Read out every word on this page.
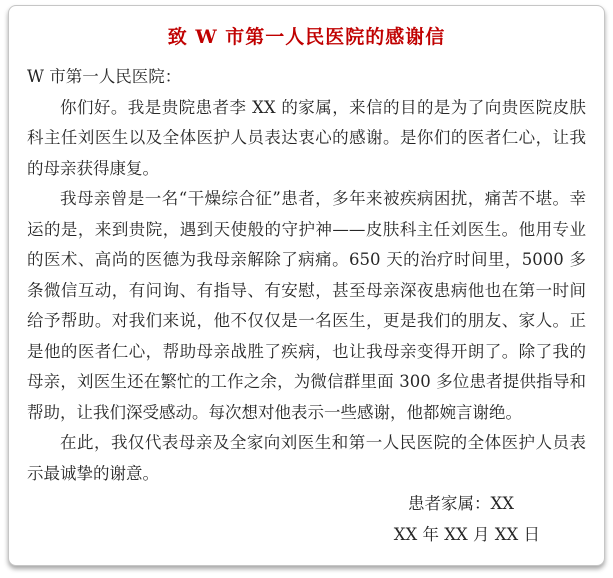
致 W 市第一人民医院的感谢信

W 市第一人民医院：

你们好。我是贵院患者李 XX 的家属，来信的目的是为了向贵医院皮肤科主任刘医生以及全体医护人员表达衷心的感谢。是你们的医者仁心，让我的母亲获得康复。

我母亲曾是一名“干燥综合征”患者，多年来被疾病困扰，痛苦不堪。幸运的是，来到贵院，遇到天使般的守护神——皮肤科主任刘医生。他用专业的医术、高尚的医德为我母亲解除了病痛。650 天的治疗时间里，5000 多条微信互动，有问询、有指导、有安慰，甚至母亲深夜患病他也在第一时间给予帮助。对我们来说，他不仅仅是一名医生，更是我们的朋友、家人。正是他的医者仁心，帮助母亲战胜了疾病，也让我母亲变得开朗了。除了我的母亲，刘医生还在繁忙的工作之余，为微信群里面 300 多位患者提供指导和帮助，让我们深受感动。每次想对他表示一些感谢，他都婉言谢绝。

在此，我仅代表母亲及全家向刘医生和第一人民医院的全体医护人员表示最诚挚的谢意。

患者家属：XX

XX 年 XX 月 XX 日
